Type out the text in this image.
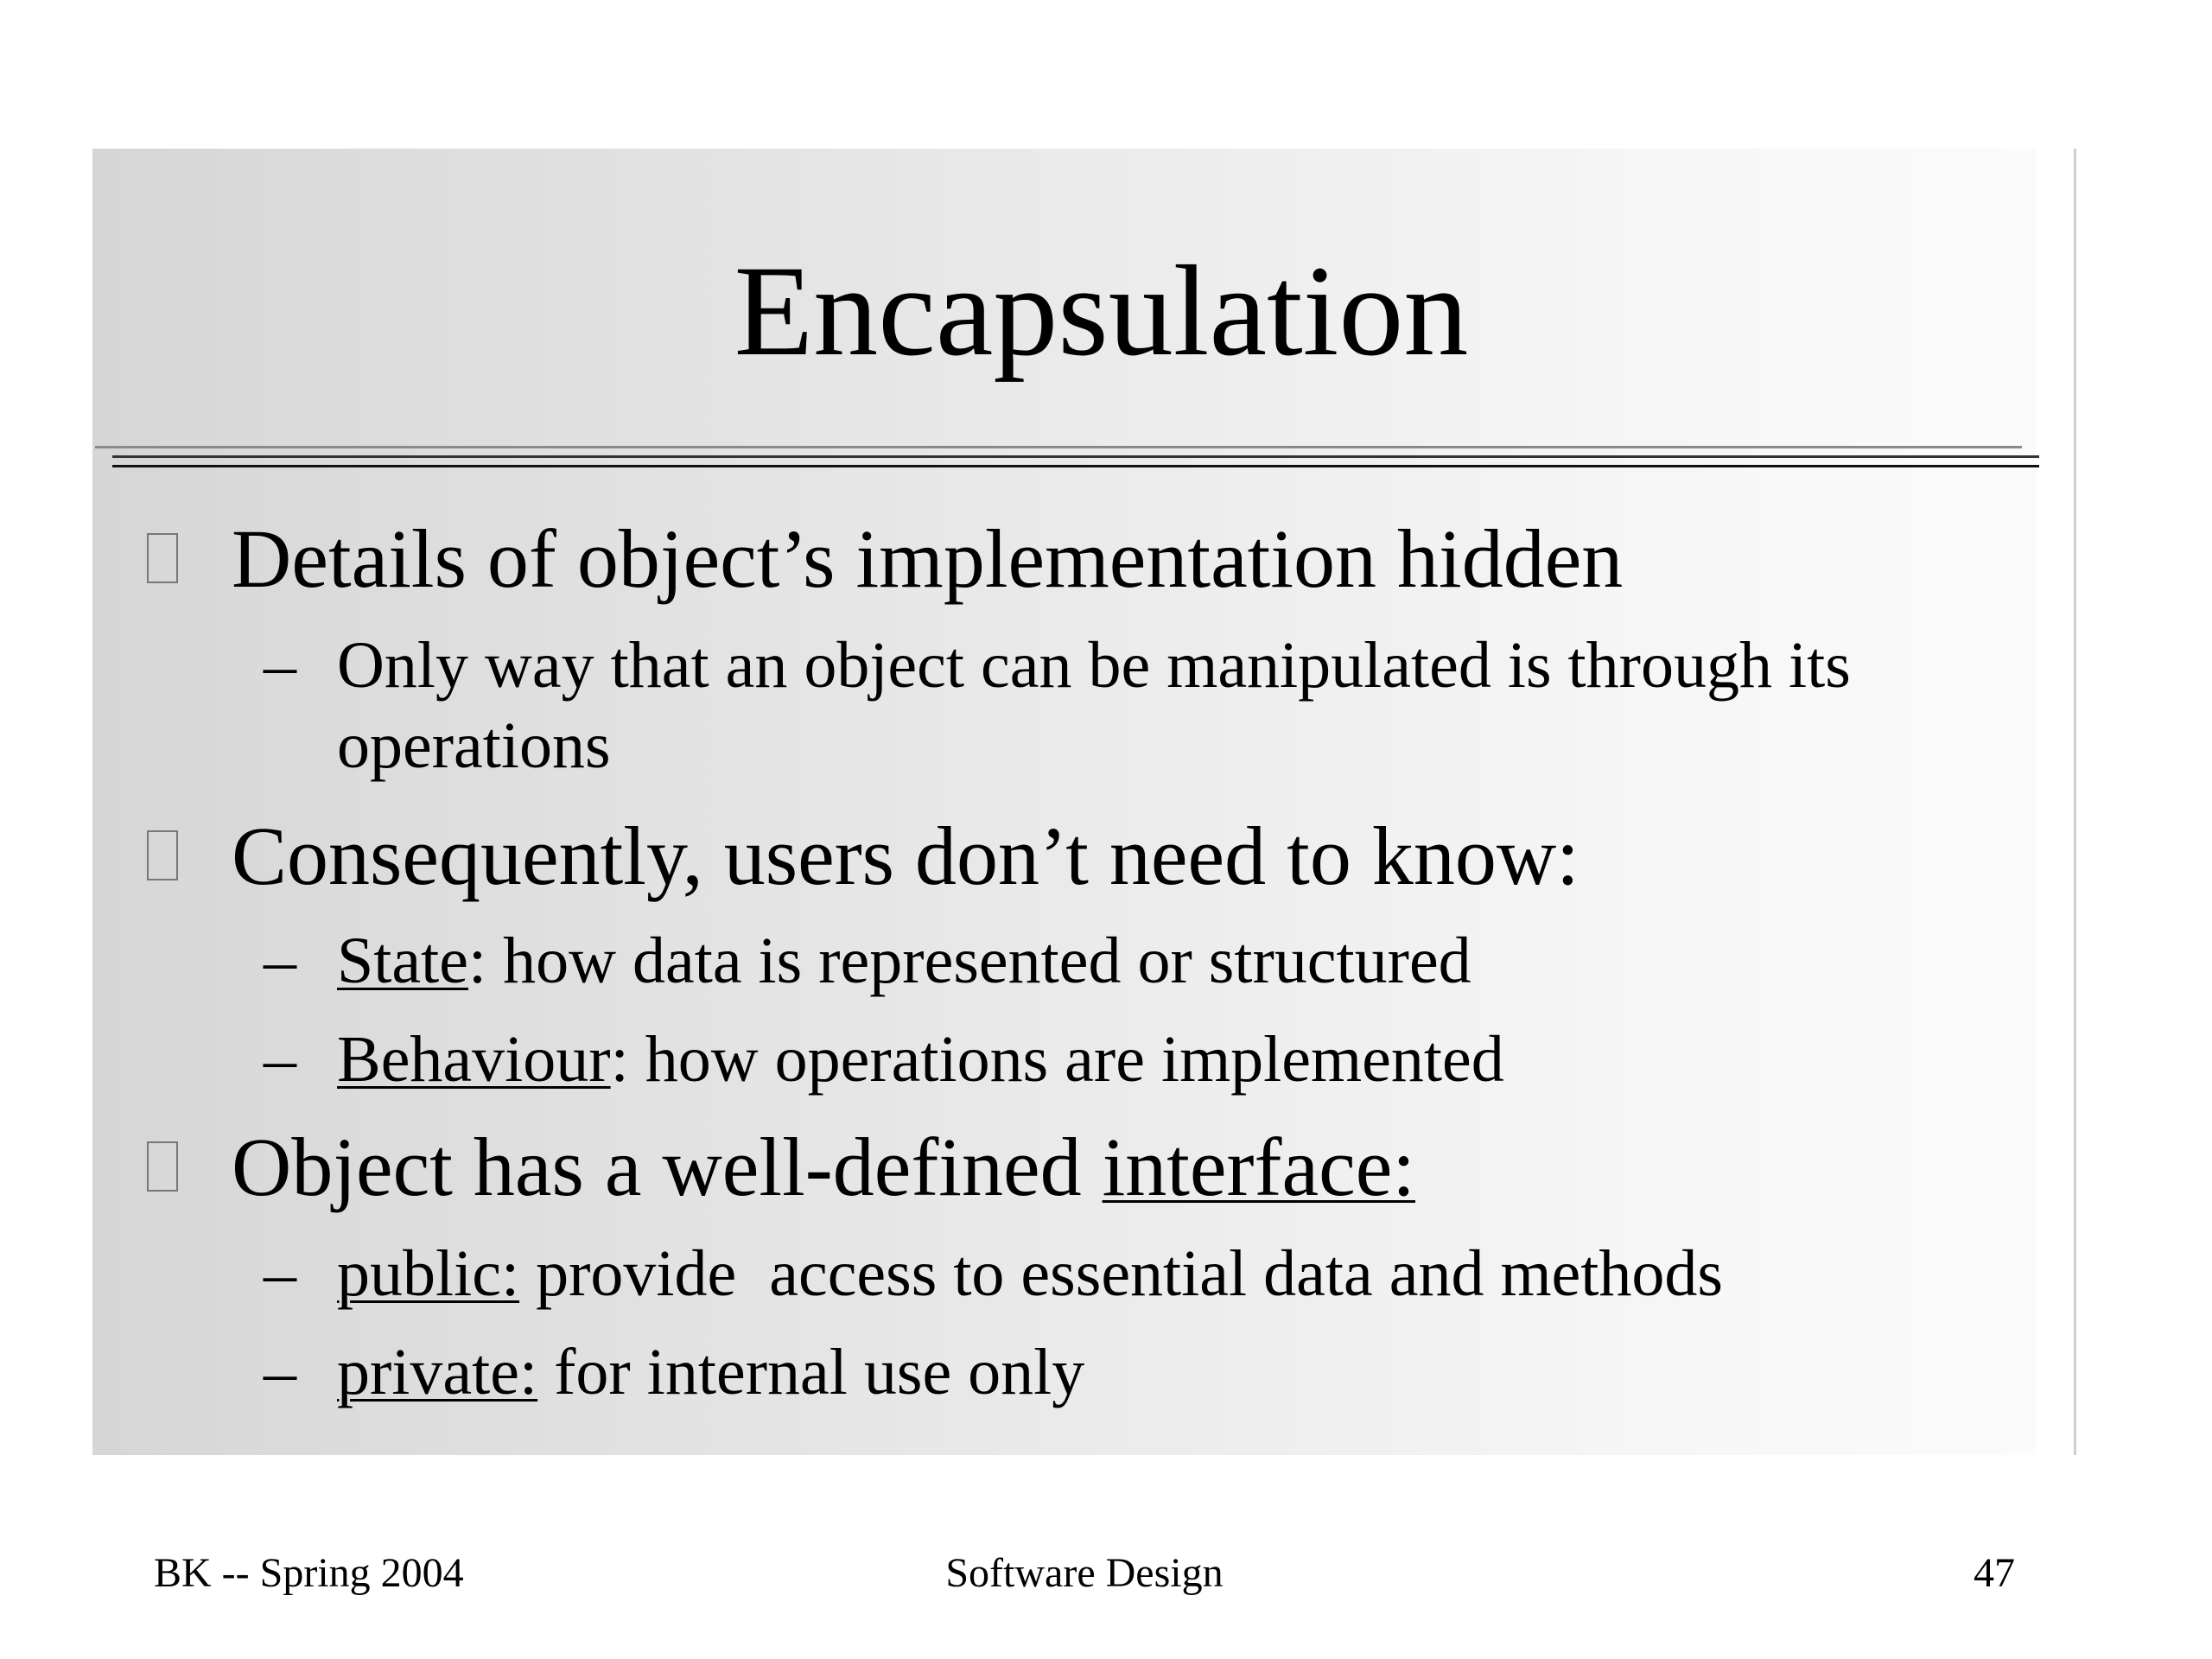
Encapsulation
Details of object’s implementation hidden
– Only way that an object can be manipulated is through its operations
Consequently, users don’t need to know:
– State: how data is represented or structured
– Behaviour: how operations are implemented
Object has a well-defined interface:
– public: provide  access to essential data and methods
– private: for internal use only
BK -- Spring 2004	Software Design	47
